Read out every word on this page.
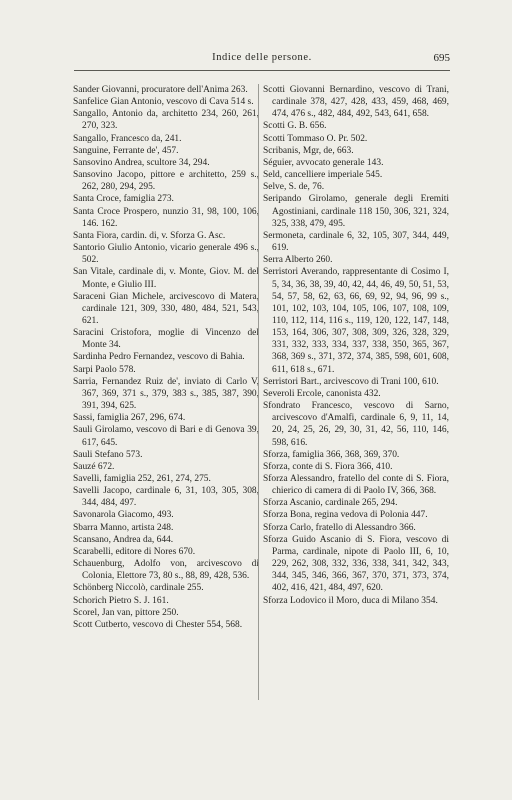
Indice delle persone.	695
Sander Giovanni, procuratore dell'Anima 263.
Sanfelice Gian Antonio, vescovo di Cava 514 s.
Sangallo, Antonio da, architetto 234, 260, 261, 270, 323.
Sangallo, Francesco da, 241.
Sanguine, Ferrante de', 457.
Sansovino Andrea, scultore 34, 294.
Sansovino Jacopo, pittore e architetto, 259 s., 262, 280, 294, 295.
Santa Croce, famiglia 273.
Santa Croce Prospero, nunzio 31, 98, 100, 106, 146. 162.
Santa Fiora, cardin. di, v. Sforza G. Asc.
Santorio Giulio Antonio, vicario generale 496 s., 502.
San Vitale, cardinale di, v. Monte, Giov. M. del Monte, e Giulio III.
Saraceni Gian Michele, arcivescovo di Matera, cardinale 121, 309, 330, 480, 484, 521, 543, 621.
Saracini Cristofora, moglie di Vincenzo del Monte 34.
Sardinha Pedro Fernandez, vescovo di Bahia.
Sarpi Paolo 578.
Sarria, Fernandez Ruiz de', inviato di Carlo V, 367, 369, 371 s., 379, 383 s., 385, 387, 390, 391, 394, 625.
Sassi, famiglia 267, 296, 674.
Sauli Girolamo, vescovo di Bari e di Genova 39, 617, 645.
Sauli Stefano 573.
Sauzé 672.
Savelli, famiglia 252, 261, 274, 275.
Savelli Jacopo, cardinale 6, 31, 103, 305, 308, 344, 484, 497.
Savonarola Giacomo, 493.
Sbarra Manno, artista 248.
Scansano, Andrea da, 644.
Scarabelli, editore di Nores 670.
Schauenburg, Adolfo von, arcivescovo di Colonia, Elettore 73, 80 s., 88, 89, 428, 536.
Schönberg Niccolò, cardinale 255.
Schorich Pietro S. J. 161.
Scorel, Jan van, pittore 250.
Scott Cutberto, vescovo di Chester 554, 568.
Scotti Giovanni Bernardino, vescovo di Trani, cardinale 378, 427, 428, 433, 459, 468, 469, 474, 476 s., 482, 484, 492, 543, 641, 658.
Scotti G. B. 656.
Scotti Tommaso O. Pr. 502.
Scribanis, Mgr, de, 663.
Séguier, avvocato generale 143.
Seld, cancelliere imperiale 545.
Selve, S. de, 76.
Seripando Girolamo, generale degli Eremiti Agostiniani, cardinale 118 150, 306, 321, 324, 325, 338, 479, 495.
Sermoneta, cardinale 6, 32, 105, 307, 344, 449, 619.
Serra Alberto 260.
Serristori Averando, rappresentante di Cosimo I, 5, 34, 36, 38, 39, 40, 42, 44, 46, 49, 50, 51, 53, 54, 57, 58, 62, 63, 66, 69, 92, 94, 96, 99 s., 101, 102, 103, 104, 105, 106, 107, 108, 109, 110, 112, 114, 116 s., 119, 120, 122, 147, 148, 153, 164, 306, 307, 308, 309, 326, 328, 329, 331, 332, 333, 334, 337, 338, 350, 365, 367, 368, 369 s., 371, 372, 374, 385, 598, 601, 608, 611, 618 s., 671.
Serristori Bart., arcivescovo di Trani 100, 610.
Severoli Ercole, canonista 432.
Sfondrato Francesco, vescovo di Sarno, arcivescovo d'Amalfi, cardinale 6, 9, 11, 14, 20, 24, 25, 26, 29, 30, 31, 42, 56, 110, 146, 598, 616.
Sforza, famiglia 366, 368, 369, 370.
Sforza, conte di S. Fiora 366, 410.
Sforza Alessandro, fratello del conte di S. Fiora, chierico di camera di di Paolo IV, 366, 368.
Sforza Ascanio, cardinale 265, 294.
Sforza Bona, regina vedova di Polonia 447.
Sforza Carlo, fratello di Alessandro 366.
Sforza Guido Ascanio di S. Fiora, vescovo di Parma, cardinale, nipote di Paolo III, 6, 10, 229, 262, 308, 332, 336, 338, 341, 342, 343, 344, 345, 346, 366, 367, 370, 371, 373, 374, 402, 416, 421, 484, 497, 620.
Sforza Lodovico il Moro, duca di Milano 354.
